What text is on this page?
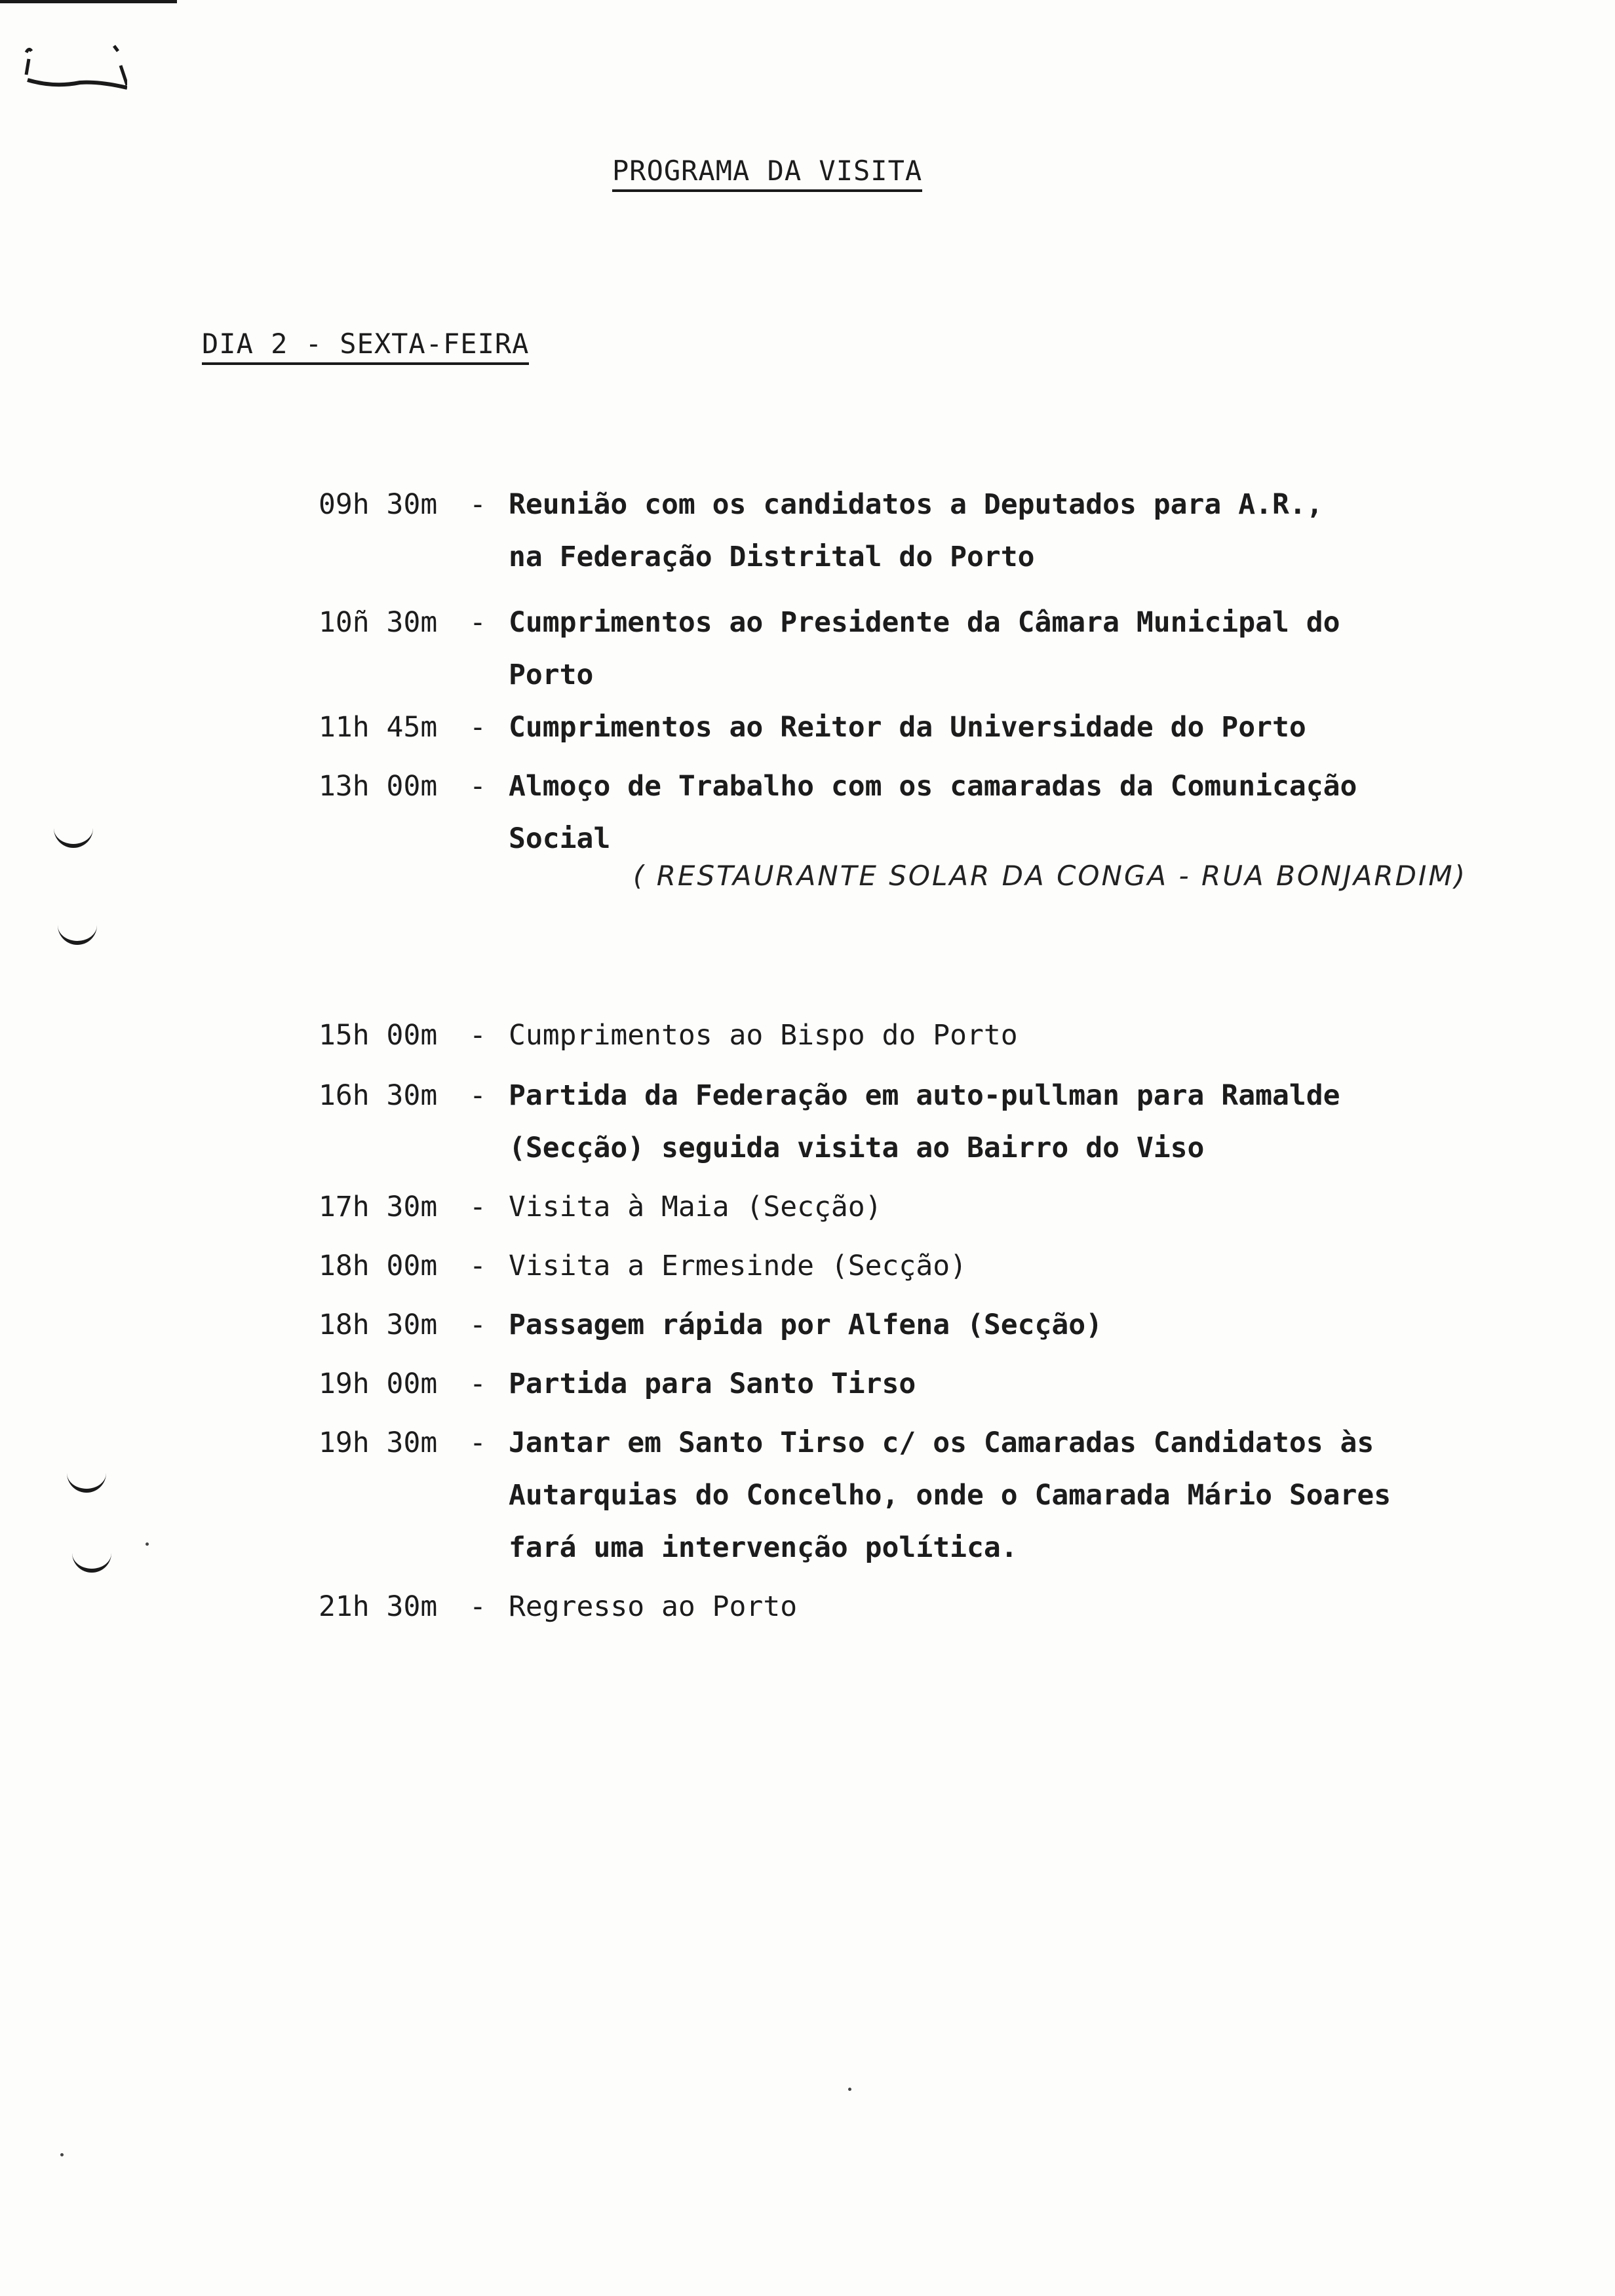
PROGRAMA DA VISITA
DIA 2 - SEXTA-FEIRA
09h 30m	- Reunião com os candidatos a Deputados para A.R.,
na Federação Distrital do Porto
10ñ 30m	- Cumprimentos ao Presidente da Câmara Municipal do
Porto
11h 45m	- Cumprimentos ao Reitor da Universidade do Porto
13h 00m	- Almoço de Trabalho com os camaradas da Comunicação
Social
15h 00m	- Cumprimentos ao Bispo do Porto
16h 30m	- Partida da Federação em auto-pullman para Ramalde
(Secção) seguida visita ao Bairro do Viso
17h 30m	- Visita à Maia (Secção)
18h 00m	- Visita a Ermesinde (Secção)
18h 30m	- Passagem rápida por Alfena (Secção)
19h 00m	- Partida para Santo Tirso
19h 30m	- Jantar em Santo Tirso c/ os Camaradas Candidatos às
Autarquias do Concelho, onde o Camarada Mário Soares
fará uma intervenção política.
21h 30m	- Regresso ao Porto
( RESTAURANTE SOLAR DA CONGA - RUA BONJARDIM)
